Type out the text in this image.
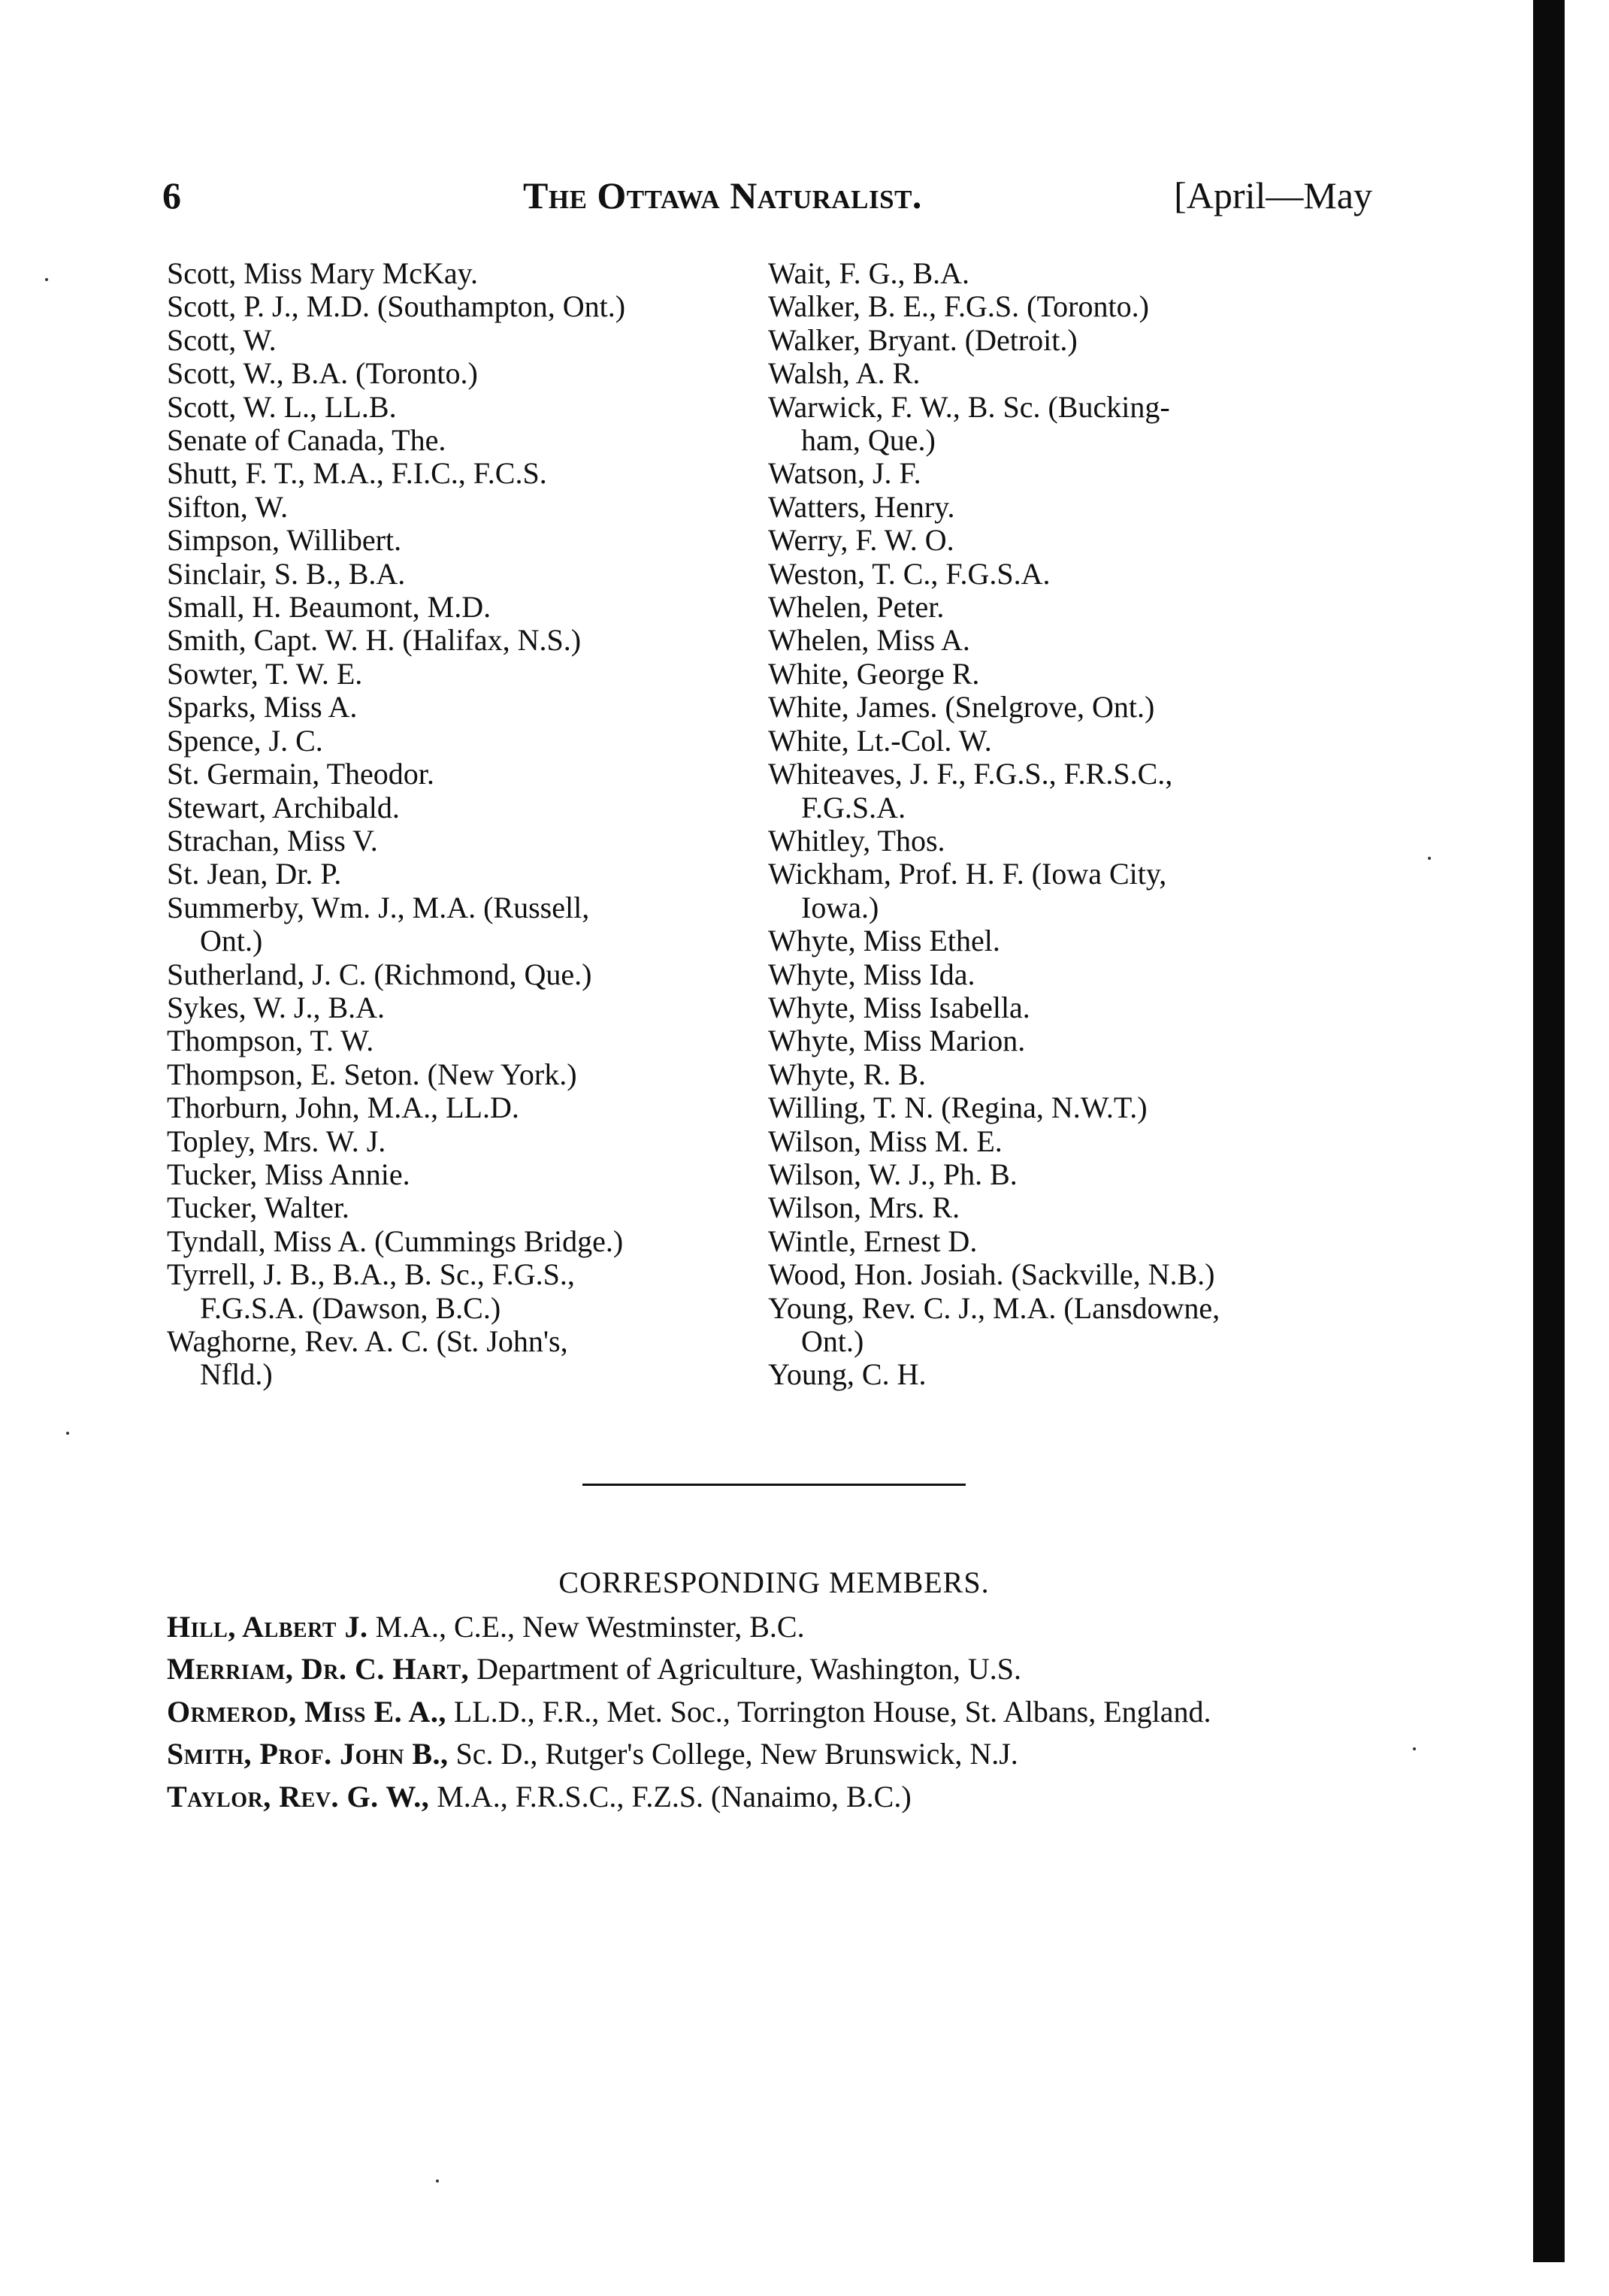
6	The Ottawa Naturalist.	[April—May
Scott, Miss Mary McKay.
Scott, P. J., M.D. (Southampton, Ont.)
Scott, W.
Scott, W., B.A. (Toronto.)
Scott, W. L., LL.B.
Senate of Canada, The.
Shutt, F. T., M.A., F.I.C., F.C.S.
Sifton, W.
Simpson, Willibert.
Sinclair, S. B., B.A.
Small, H. Beaumont, M.D.
Smith, Capt. W. H. (Halifax, N.S.)
Sowter, T. W. E.
Sparks, Miss A.
Spence, J. C.
St. Germain, Theodor.
Stewart, Archibald.
Strachan, Miss V.
St. Jean, Dr. P.
Summerby, Wm. J., M.A. (Russell,
Ont.)
Sutherland, J. C. (Richmond, Que.)
Sykes, W. J., B.A.
Thompson, T. W.
Thompson, E. Seton. (New York.)
Thorburn, John, M.A., LL.D.
Topley, Mrs. W. J.
Tucker, Miss Annie.
Tucker, Walter.
Tyndall, Miss A. (Cummings Bridge.)
Tyrrell, J. B., B.A., B. Sc., F.G.S.,
F.G.S.A. (Dawson, B.C.)
Waghorne, Rev. A. C. (St. John's,
Nfld.)
Wait, F. G., B.A.
Walker, B. E., F.G.S. (Toronto.)
Walker, Bryant. (Detroit.)
Walsh, A. R.
Warwick, F. W., B. Sc. (Bucking-
ham, Que.)
Watson, J. F.
Watters, Henry.
Werry, F. W. O.
Weston, T. C., F.G.S.A.
Whelen, Peter.
Whelen, Miss A.
White, George R.
White, James. (Snelgrove, Ont.)
White, Lt.-Col. W.
Whiteaves, J. F., F.G.S., F.R.S.C.,
F.G.S.A.
Whitley, Thos.
Wickham, Prof. H. F. (Iowa City,
Iowa.)
Whyte, Miss Ethel.
Whyte, Miss Ida.
Whyte, Miss Isabella.
Whyte, Miss Marion.
Whyte, R. B.
Willing, T. N. (Regina, N.W.T.)
Wilson, Miss M. E.
Wilson, W. J., Ph. B.
Wilson, Mrs. R.
Wintle, Ernest D.
Wood, Hon. Josiah. (Sackville, N.B.)
Young, Rev. C. J., M.A. (Lansdowne,
Ont.)
Young, C. H.
CORRESPONDING MEMBERS.
Hill, Albert J. M.A., C.E., New Westminster, B.C.
Merriam, Dr. C. Hart, Department of Agriculture, Washington, U.S.
Ormerod, Miss E. A., LL.D., F.R., Met. Soc., Torrington House, St. Albans, England.
Smith, Prof. John B., Sc. D., Rutger's College, New Brunswick, N.J.
Taylor, Rev. G. W., M.A., F.R.S.C., F.Z.S. (Nanaimo, B.C.)
